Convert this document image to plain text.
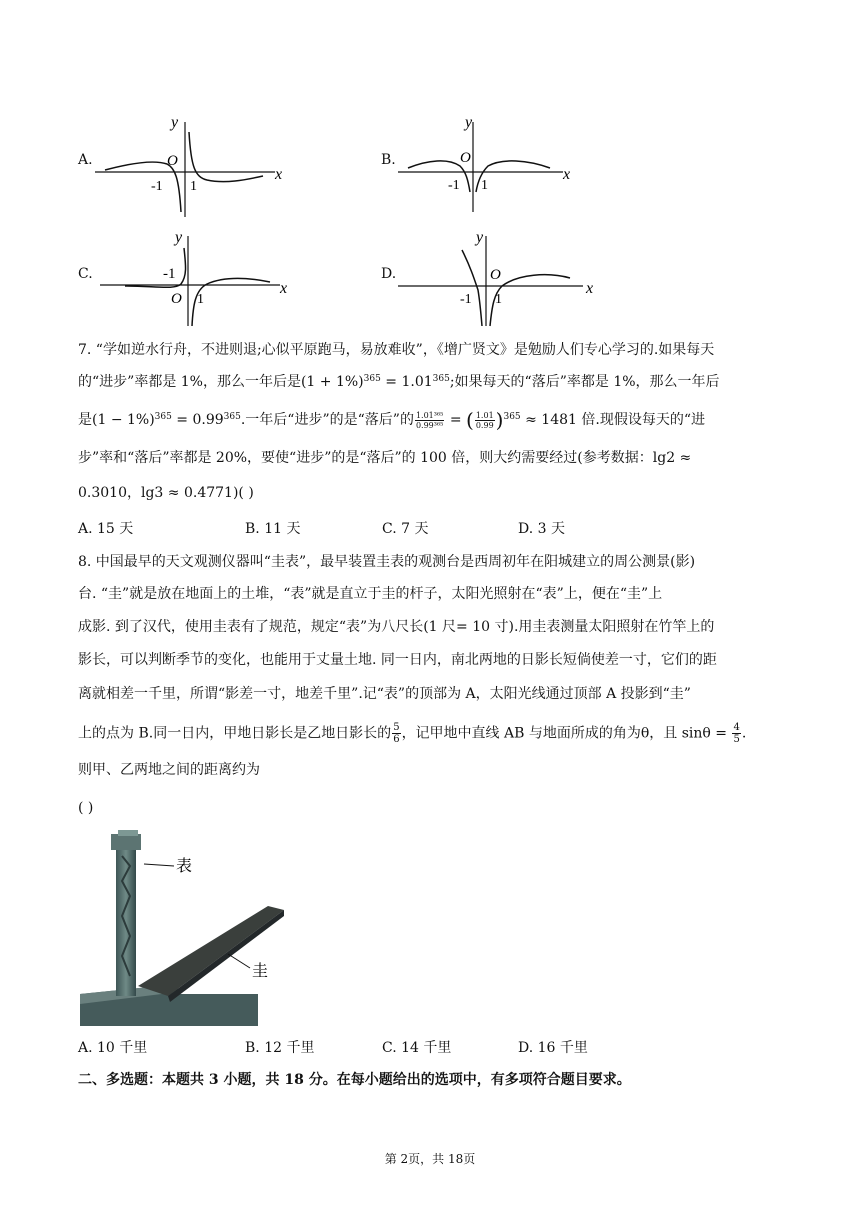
A.
x
y
O
-1 1
B.
x
y
O
-1 1
C.
x
y
-1
O 1
D.
x
y
O
-1 1
7. “学如逆水行舟，不进则退;心似平原跑马，易放难收”，《增广贤文》是勉励人们专心学习的.如果每天
的“进步”率都是 1%，那么一年后是$(1 + 1\%)^{365} = 1.01^{365}$;如果每天的“落后”率都是 1%，那么一年后
是$(1 - 1\%)^{365} = 0.99^{365}$.一年后“进步”的是“落后”的 $\frac{\text{1.01³⁶⁵}}{\text{0.99³⁶⁵}}$ = ( $\frac{1.01}{0.99} )^{365} \approx 1481$ 倍.现假设每天的“进
步”率和“落后”率都是 20%，要使“进步”的是“落后”的 100 倍，则大约需要经过(参考数据：lg2 ≈
0.3010，lg3 ≈ 0.4771)( )
A. 15 天	B. 11 天	C. 7 天	D. 3 天
8. 中国最早的天文观测仪器叫“圭表”，最早装置圭表的观测台是西周初年在阳城建立的周公测景(影)
台. “圭”就是放在地面上的土堆，“表”就是直立于圭的杆子，太阳光照射在“表”上，便在“圭”上
成影. 到了汉代，使用圭表有了规范，规定“表”为八尺长(1 尺= 10 寸).用圭表测量太阳照射在竹竿上的
影长，可以判断季节的变化，也能用于丈量土地. 同一日内，南北两地的日影长短倘使差一寸，它们的距
离就相差一千里，所谓“影差一寸，地差千里”.记“表”的顶部为 A，太阳光线通过顶部 A 投影到“圭”
上的点为 B.同一日内，甲地日影长是乙地日影长的 $\frac{5}{6}$ ，记甲地中直线 AB 与地面所成的角为θ，且 $\sin\theta = \frac{4}{5}$ .
则甲、乙两地之间的距离约为
( )
表
圭
A. 10 千里	B. 12 千里	C. 14 千里	D. 16 千里
二、多选题：本题共 3 小题，共 18 分。在每小题给出的选项中，有多项符合题目要求。
第 2页，共 18页
